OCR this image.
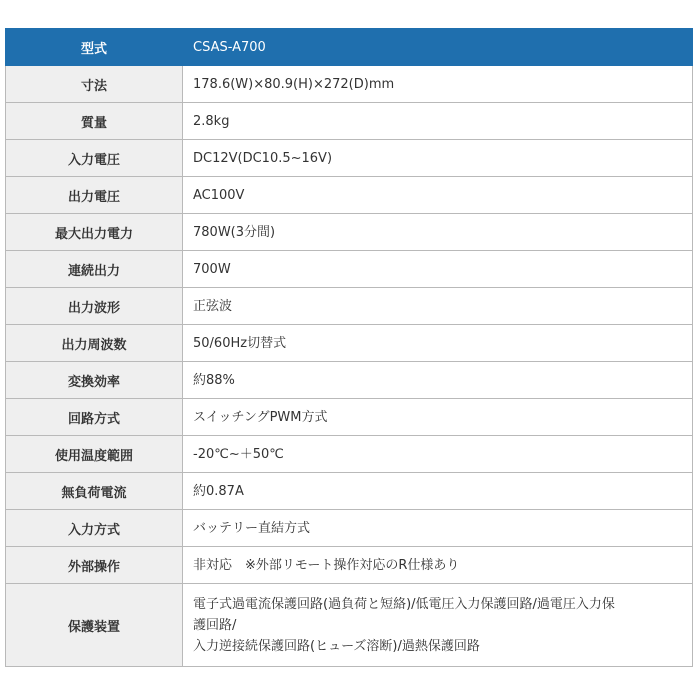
型式	CSAS-A700
寸法	178.6(W)×80.9(H)×272(D)mm
質量	2.8kg
入力電圧	DC12V(DC10.5~16V)
出力電圧	AC100V
最大出力電力	780W(3分間)
連続出力	700W
出力波形	正弦波
出力周波数	50/60Hz切替式
変換効率	約88%
回路方式	スイッチングPWM方式
使用温度範囲	-20℃~＋50℃
無負荷電流	約0.87A
入力方式	バッテリー直結方式
外部操作	非対応　※外部リモート操作対応のR仕様あり
保護装置	電子式過電流保護回路(過負荷と短絡)/低電圧入力保護回路/過電圧入力保
護回路/
入力逆接続保護回路(ヒューズ溶断)/過熱保護回路
